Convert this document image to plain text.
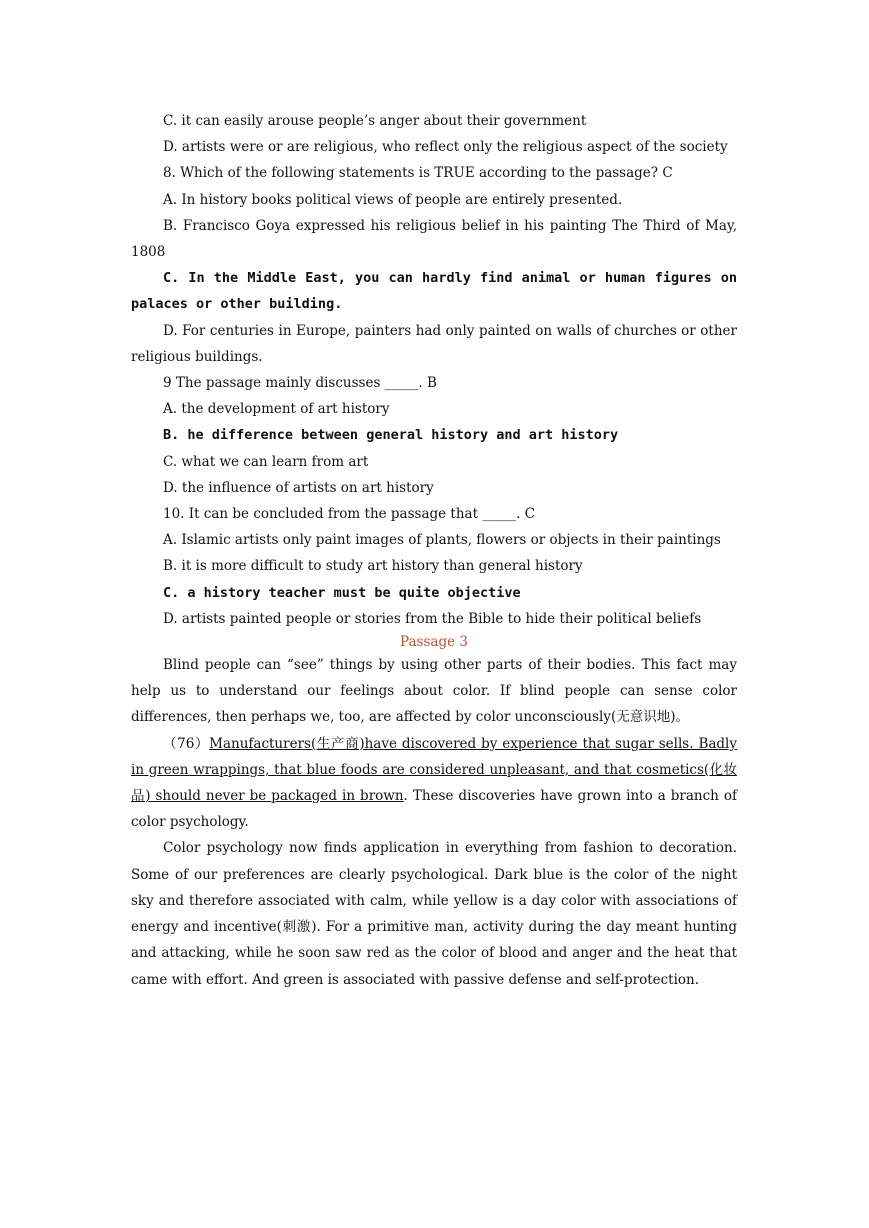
C. it can easily arouse people’s anger about their government

D. artists were or are religious, who reflect only the religious aspect of the society

8. Which of the following statements is TRUE according to the passage? C

A. In history books political views of people are entirely presented.

B. Francisco Goya expressed his religious belief in his painting The Third of May, 1808

C. In the Middle East, you can hardly find animal or human figures on palaces or other building.

D. For centuries in Europe, painters had only painted on walls of churches or other religious buildings.

9 The passage mainly discusses _____. B

A. the development of art history

B. he difference between general history and art history

C. what we can learn from art

D. the influence of artists on art history

10. It can be concluded from the passage that _____. C

A. Islamic artists only paint images of plants, flowers or objects in their paintings

B. it is more difficult to study art history than general history

C. a history teacher must be quite objective

D. artists painted people or stories from the Bible to hide their political beliefs

Passage 3

Blind people can “see” things by using other parts of their bodies. This fact may help us to understand our feelings about color. If blind people can sense color differences, then perhaps we, too, are affected by color unconsciously(无意识地)。

（76）Manufacturers(生产商)have discovered by experience that sugar sells. Badly in green wrappings, that blue foods are considered unpleasant, and that cosmetics(化妆品) should never be packaged in brown. These discoveries have grown into a branch of color psychology.

Color psychology now finds application in everything from fashion to decoration. Some of our preferences are clearly psychological. Dark blue is the color of the night sky and therefore associated with calm, while yellow is a day color with associations of energy and incentive(刺激). For a primitive man, activity during the day meant hunting and attacking, while he soon saw red as the color of blood and anger and the heat that came with effort. And green is associated with passive defense and self-protection.
